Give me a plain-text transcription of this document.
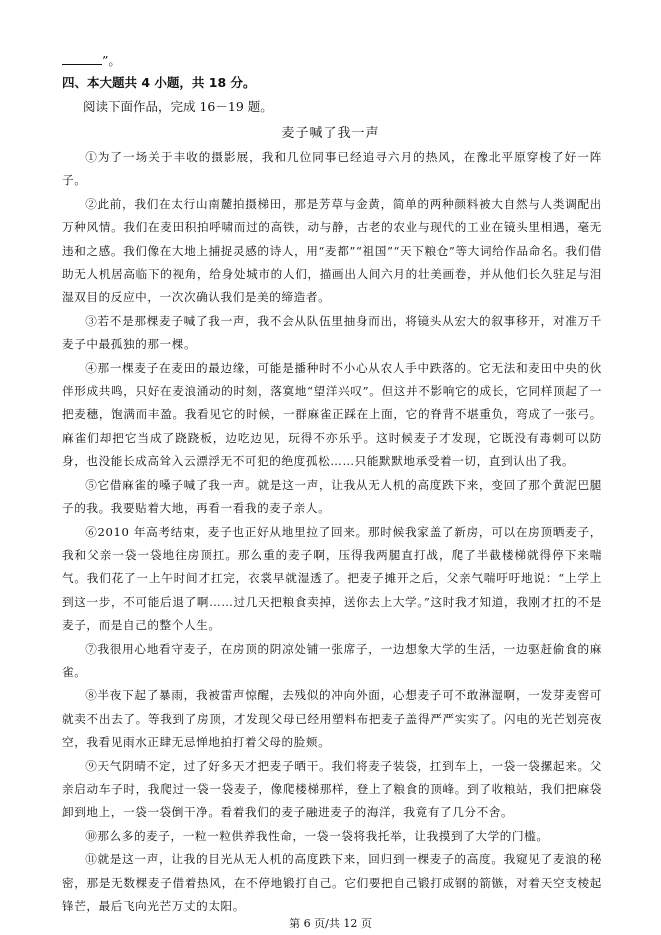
”。
四、本大题共 4 小题，共 18 分。
阅读下面作品，完成 16－19 题。
麦子喊了我一声

①为了一场关于丰收的摄影展，我和几位同事已经追寻六月的热风，在豫北平原穿梭了好一阵子。

②此前，我们在太行山南麓拍摄梯田，那是芳草与金黄，简单的两种颜料被大自然与人类调配出万种风情。我们在麦田积拍呼啸而过的高铁，动与静，古老的农业与现代的工业在镜头里相遇，毫无违和之感。我们像在大地上捕捉灵感的诗人，用“麦都”“祖国”“天下粮仓”等大词给作品命名。我们借助无人机居高临下的视角，给身处城市的人们，描画出人间六月的壮美画卷，并从他们长久驻足与泪湿双目的反应中，一次次确认我们是美的缔造者。

③若不是那棵麦子喊了我一声，我不会从队伍里抽身而出，将镜头从宏大的叙事移开，对准万千麦子中最孤独的那一棵。

④那一棵麦子在麦田的最边缘，可能是播种时不小心从农人手中跌落的。它无法和麦田中央的伙伴形成共鸣，只好在麦浪涌动的时刻，落寞地“望洋兴叹”。但这并不影响它的成长，它同样顶起了一把麦穗，饱满而丰盈。我看见它的时候，一群麻雀正踩在上面，它的脊背不堪重负，弯成了一张弓。麻雀们却把它当成了跷跷板，边吃边见，玩得不亦乐乎。这时候麦子才发现，它既没有毒刺可以防身，也没能长成高耸入云漂浮无不可犯的绝度孤松……只能默默地承受着一切，直到认出了我。

⑤它借麻雀的嗓子喊了我一声。就是这一声，让我从无人机的高度跌下来，变回了那个黄泥巴腿子的我。我要贴着大地，再看一看我的麦子亲人。

⑥2010 年高考结束，麦子也正好从地里拉了回来。那时候我家盖了新房，可以在房顶晒麦子，我和父亲一袋一袋地往房顶扛。那么重的麦子啊，压得我两腿直打战，爬了半截楼梯就得停下来喘气。我们花了一上午时间才扛完，衣裳早就湿透了。把麦子摊开之后，父亲气喘吁吁地说：“上学上到这一步，不可能后退了啊……过几天把粮食卖掉，送你去上大学。”这时我才知道，我刚才扛的不是麦子，而是自己的整个人生。

⑦我很用心地看守麦子，在房顶的阴凉处铺一张席子，一边想象大学的生活，一边驱赶偷食的麻雀。

⑧半夜下起了暴雨，我被雷声惊醒，去残似的冲向外面，心想麦子可不敢淋湿啊，一发芽麦窖可就卖不出去了。等我到了房顶，才发现父母已经用塑料布把麦子盖得严严实实了。闪电的光芒划亮夜空，我看见雨水正肆无忌惮地拍打着父母的脸颊。

⑨天气阴晴不定，过了好多天才把麦子晒干。我们将麦子装袋，扛到车上，一袋一袋摞起来。父亲启动车子时，我爬过一袋一袋麦子，像爬楼梯那样，登上了粮食的顶峰。到了收粮站，我们把麻袋卸到地上，一袋一袋倒干净。看着我们的麦子融进麦子的海洋，我竟有了几分不舍。

⑩那么多的麦子，一粒一粒供养我性命，一袋一袋将我托举，让我摸到了大学的门槛。

⑪就是这一声，让我的目光从无人机的高度跌下来，回归到一棵麦子的高度。我窥见了麦浪的秘密，那是无数棵麦子借着热风，在不停地锻打自己。它们要把自己锻打成钢的箭镞，对着天空支棱起锋芒，最后飞向光芒万丈的太阳。

第 6 页/共 12 页
